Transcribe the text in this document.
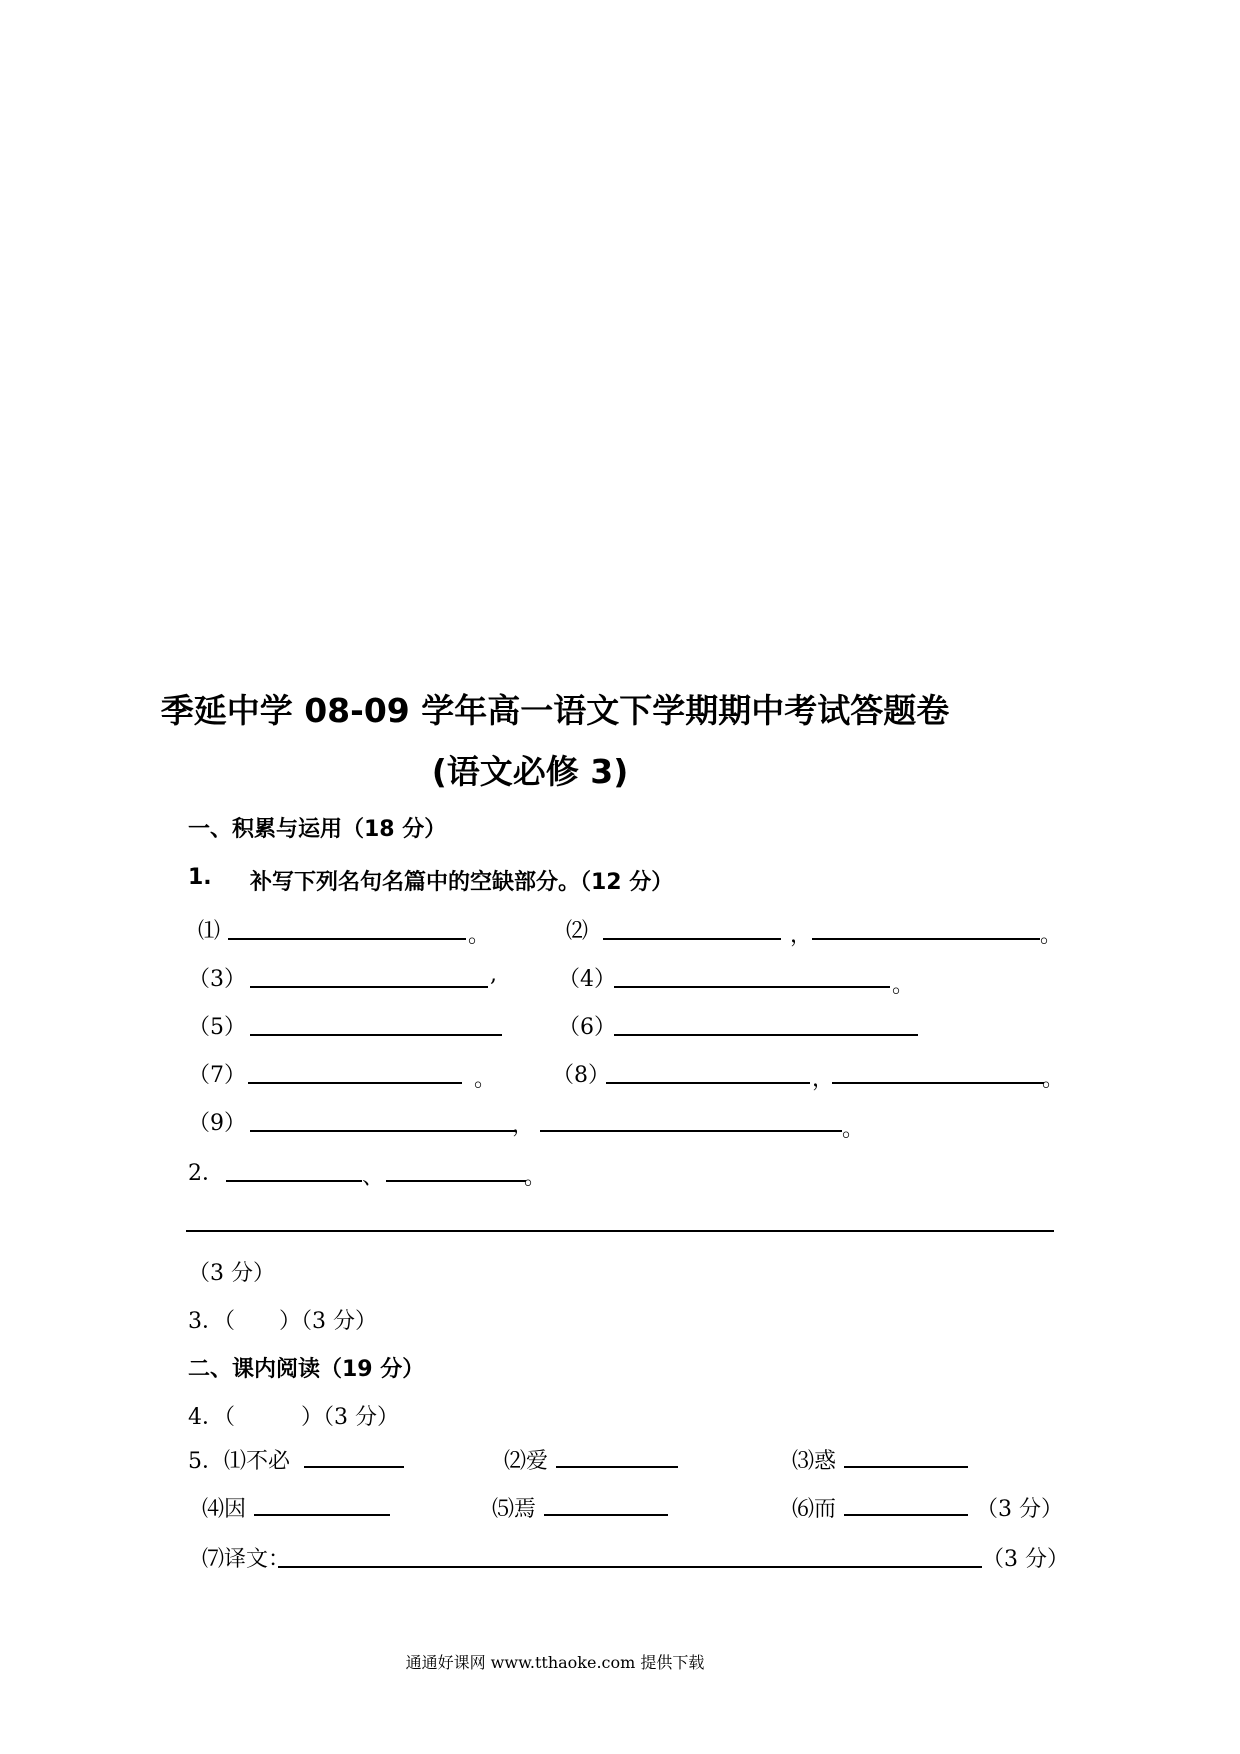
季延中学 08-09 学年高一语文下学期期中考试答题卷
(语文必修 3)
一、积累与运用（18 分）
1. 补写下列名句名篇中的空缺部分。（12 分）
⑴	。	⑵	，	。
（3）	,	（4）	。
（5）	（6）
（7）	。	（8）	，	。
（9）	，	。
2．	、	。
（3 分）
3．（　　）（3 分）
二、课内阅读（19 分）
4．（　　　）（3 分）
5． ⑴不必	⑵爱	⑶惑
⑷因	⑸焉	⑹而	（3 分）
⑺译文：	（3 分）
通通好课网 www.tthaoke.com 提供下载
